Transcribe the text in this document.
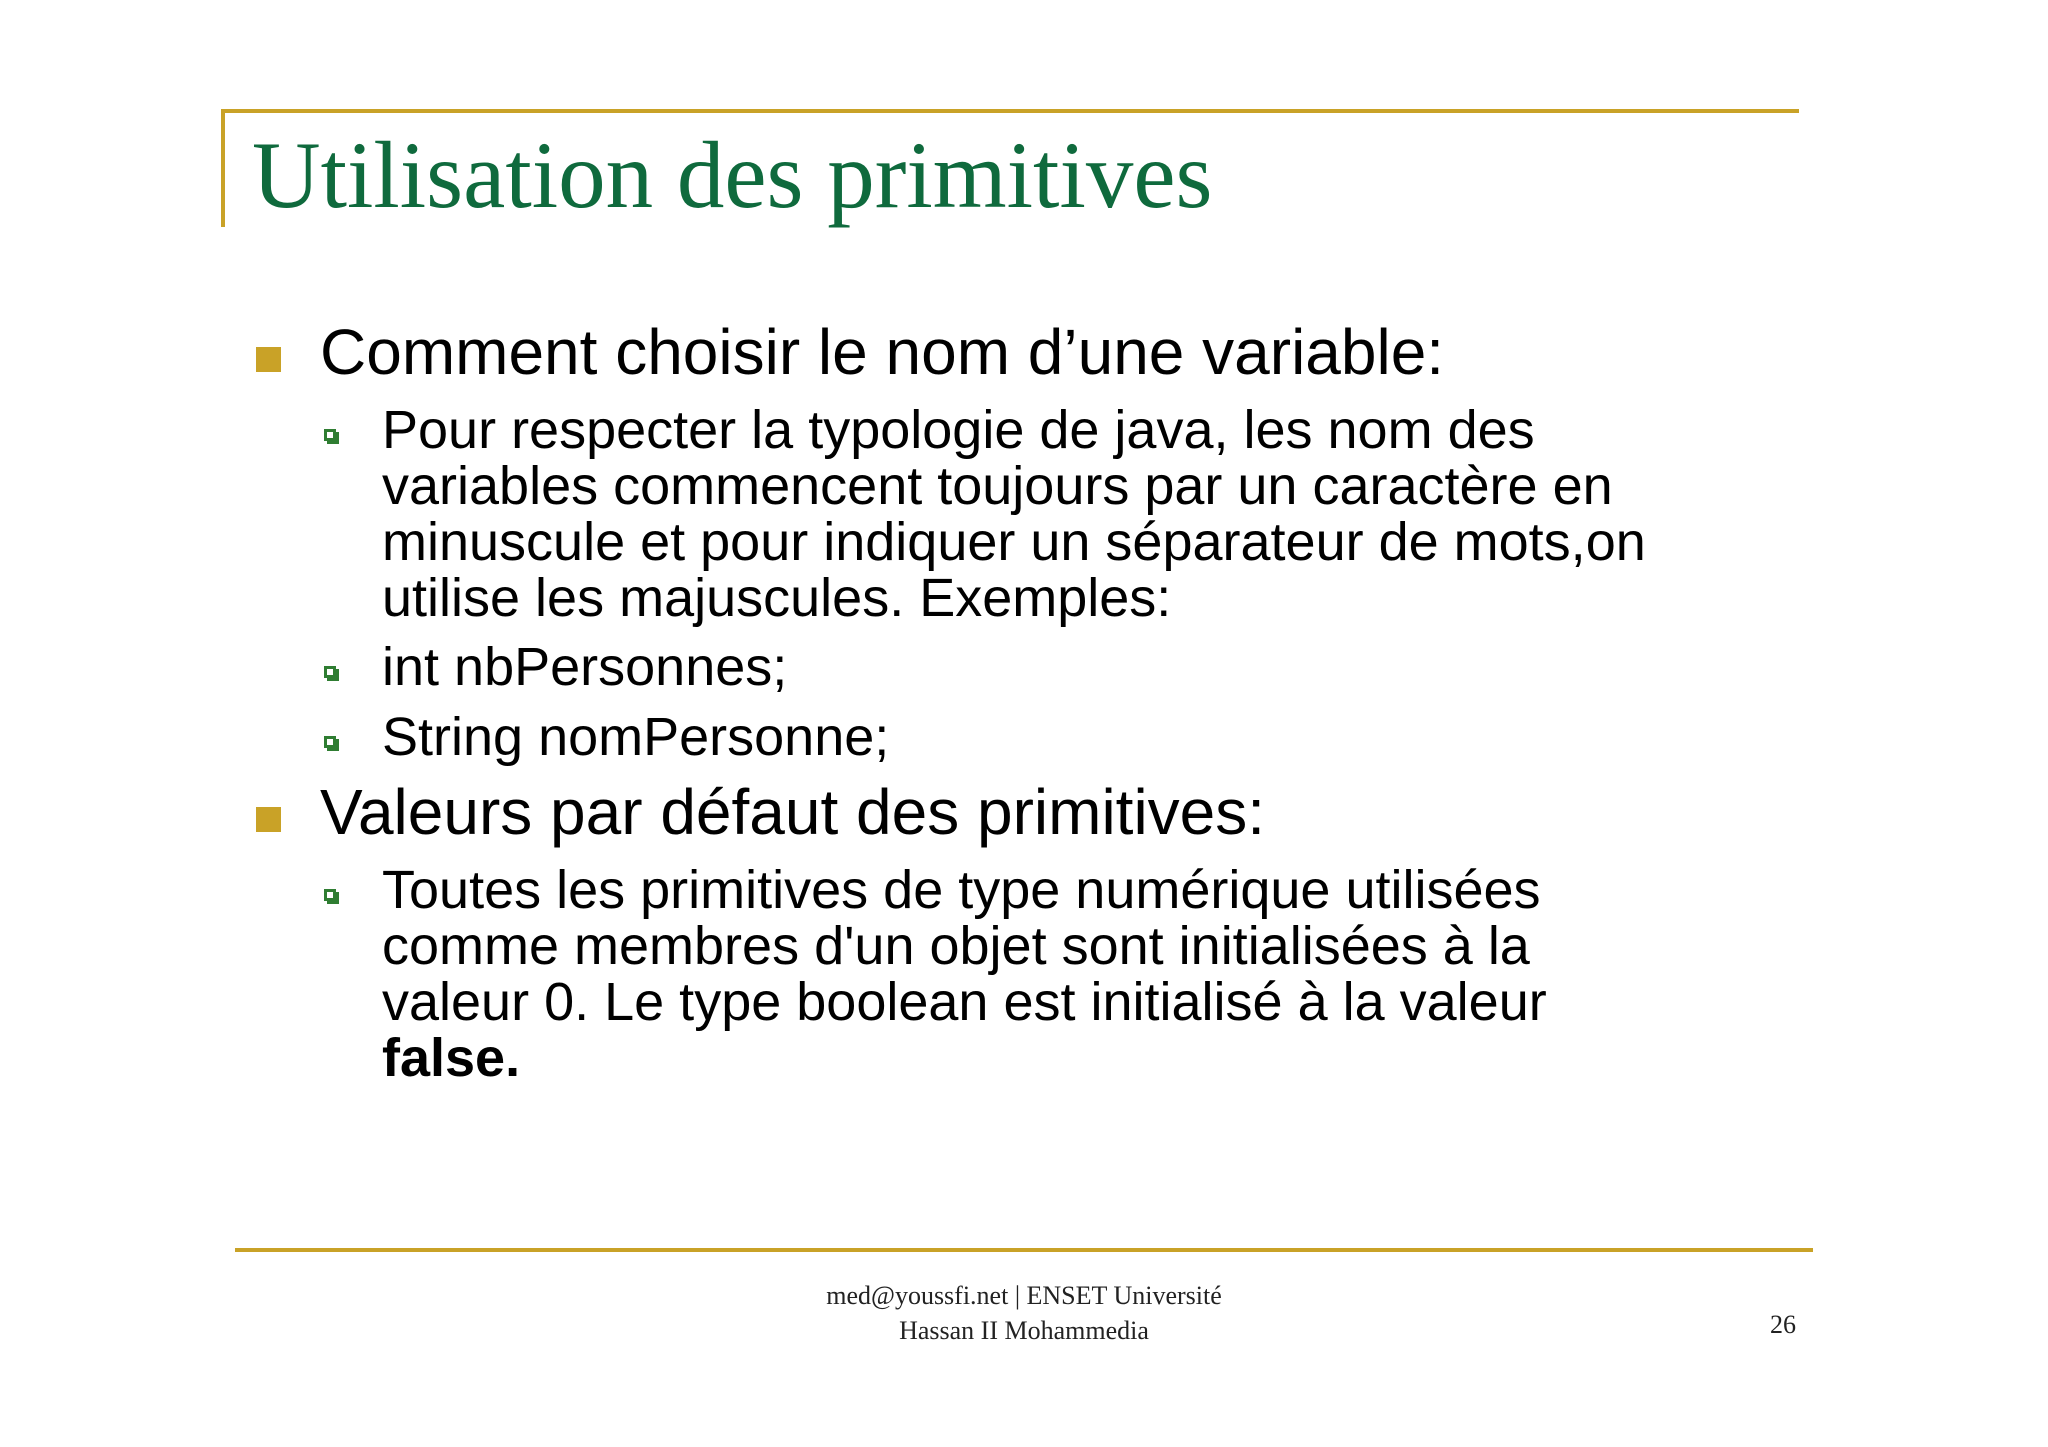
Utilisation des primitives
Comment choisir le nom d’une variable:
Pour respecter la typologie de java, les nom des
variables commencent toujours par un caractère en
minuscule et pour indiquer un séparateur de mots,on
utilise les majuscules. Exemples:
int nbPersonnes;
String nomPersonne;
Valeurs par défaut des primitives:
Toutes les primitives de type numérique utilisées
comme membres d'un objet sont initialisées à la
valeur 0. Le type boolean est initialisé à la valeur
false.
med@youssfi.net | ENSET Université
Hassan II Mohammedia	26
